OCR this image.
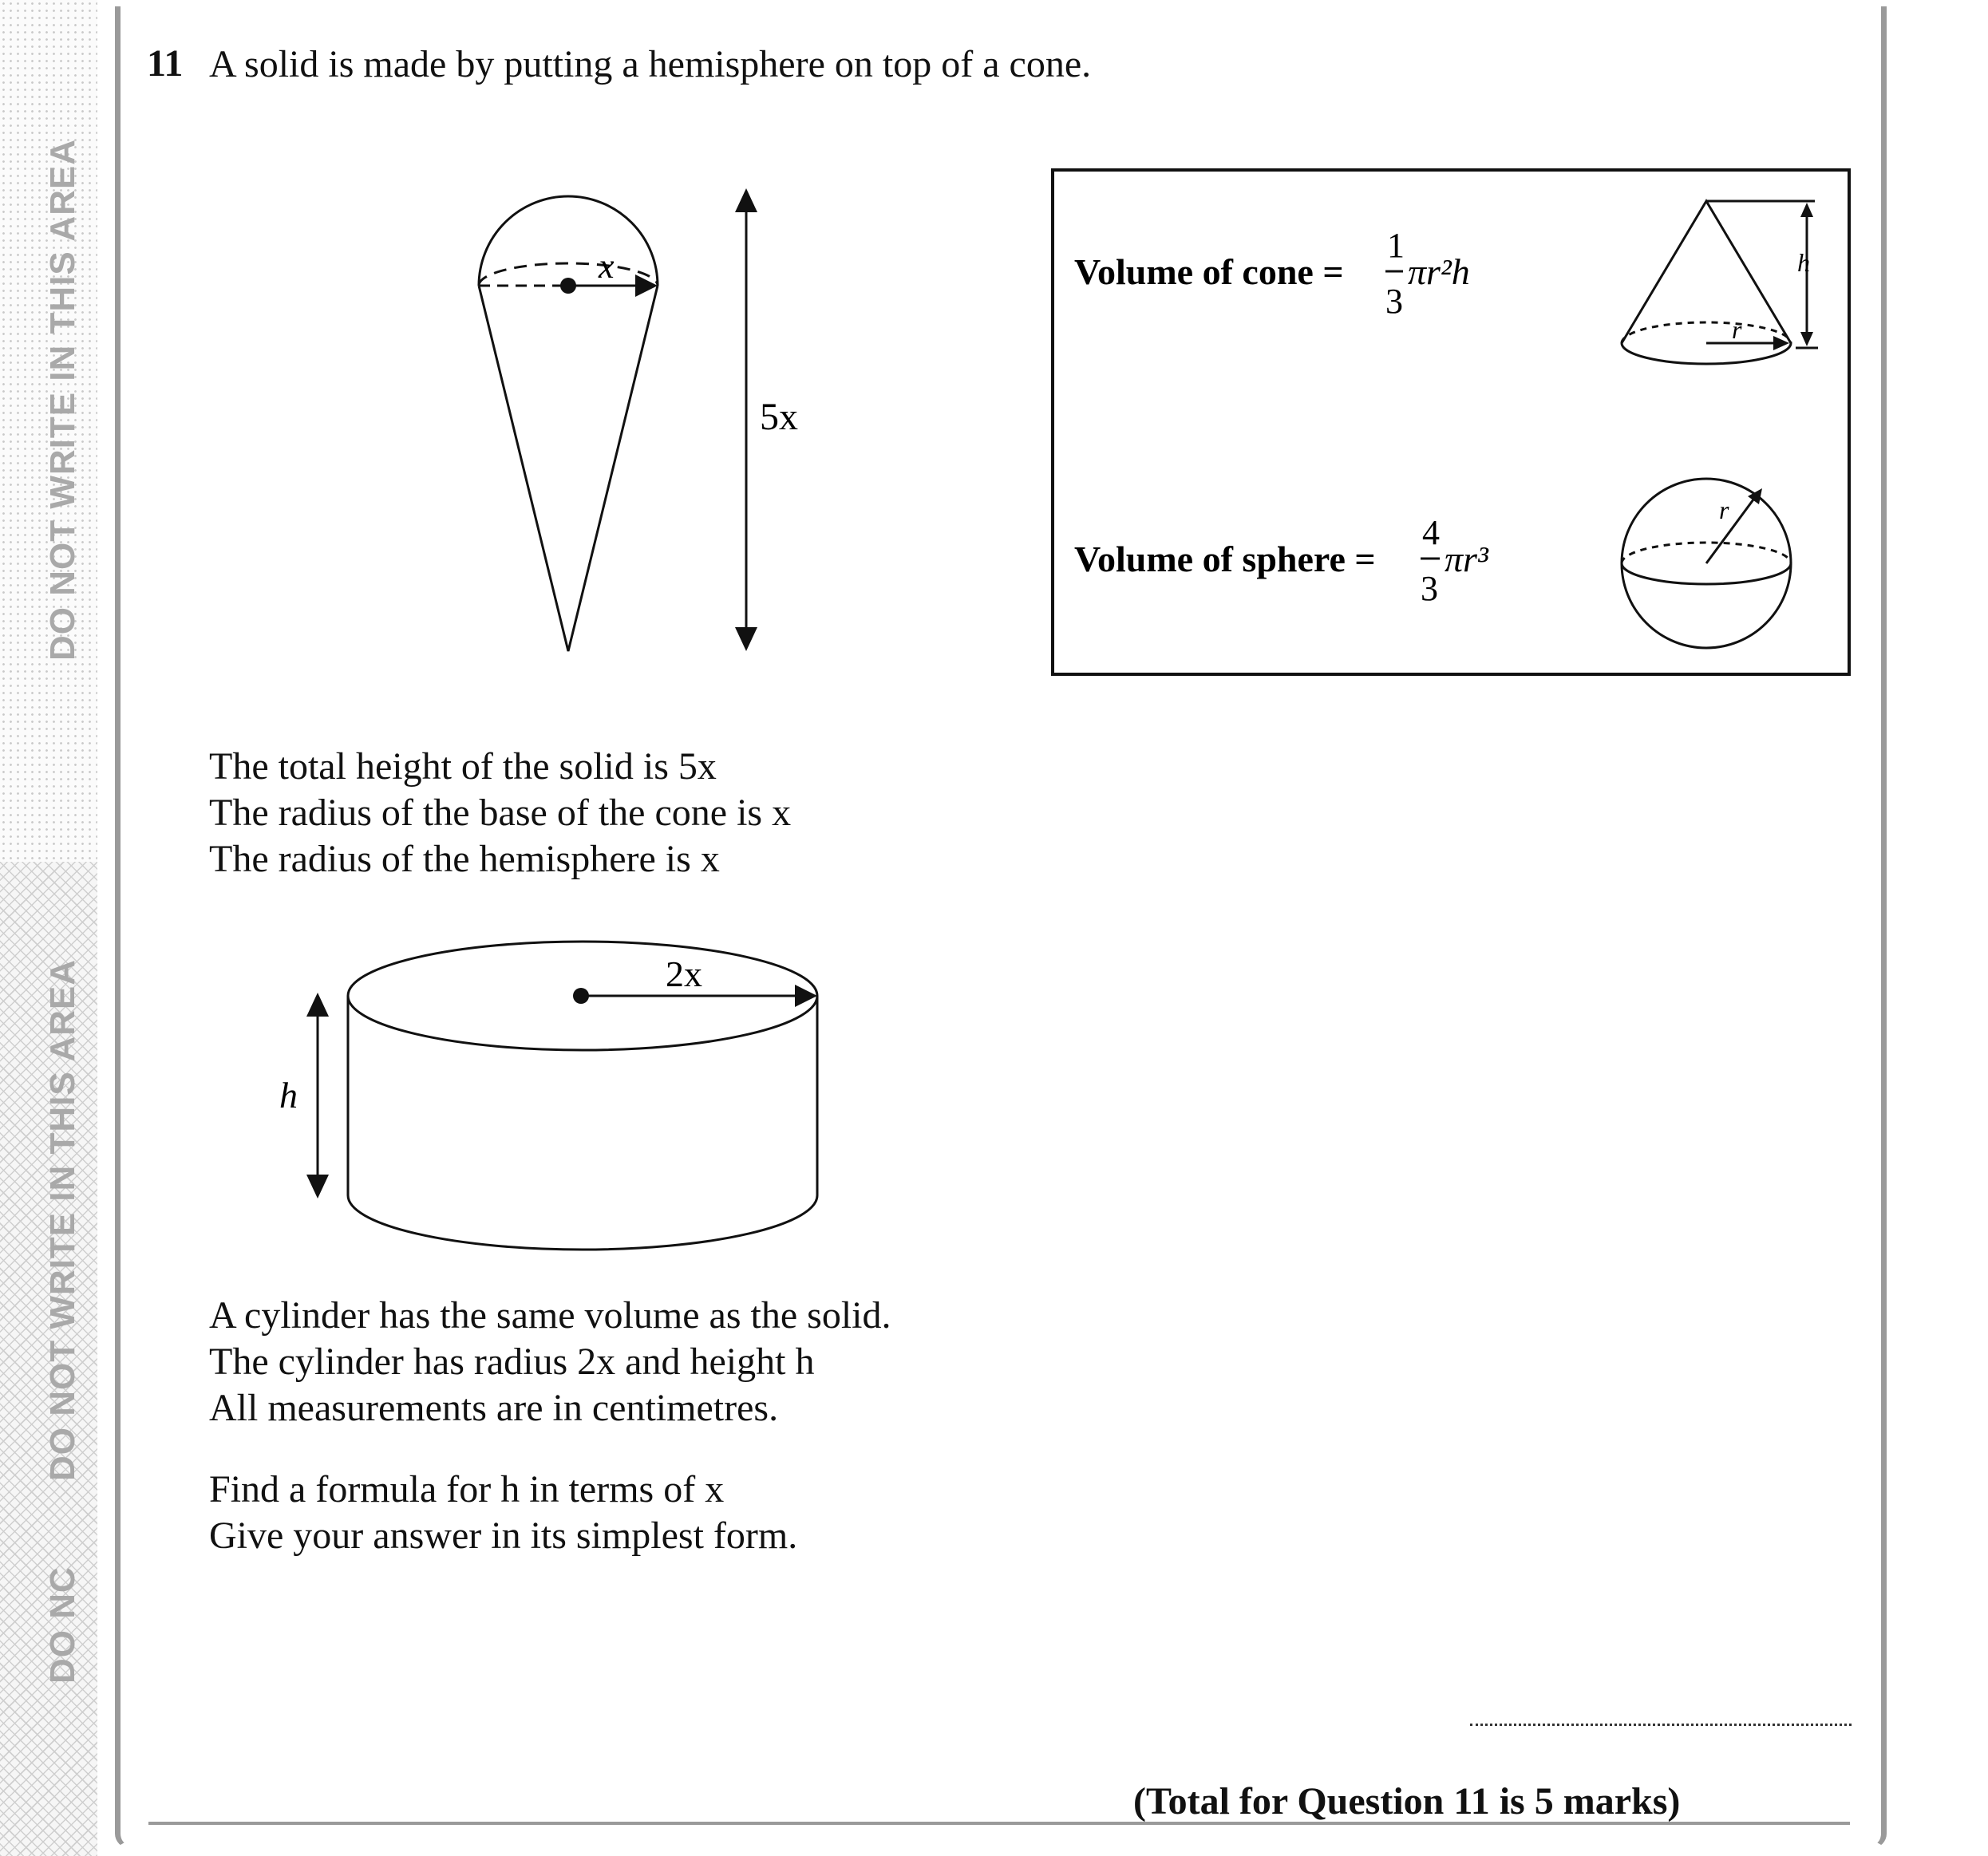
DO NOT WRITE IN THIS AREA
DO NOT WRITE IN THIS AREA
DO NC
11 A solid is made by putting a hemisphere on top of a cone.
x
5x
Volume of cone =
1
3
πr²h
Volume of sphere =
4
3
πr³
h
r
r
The total height of the solid is 5x
The radius of the base of the cone is x
The radius of the hemisphere is x
2x
h
A cylinder has the same volume as the solid.
The cylinder has radius 2x and height h
All measurements are in centimetres.
Find a formula for h in terms of x
Give your answer in its simplest form.
(Total for Question 11 is 5 marks)
